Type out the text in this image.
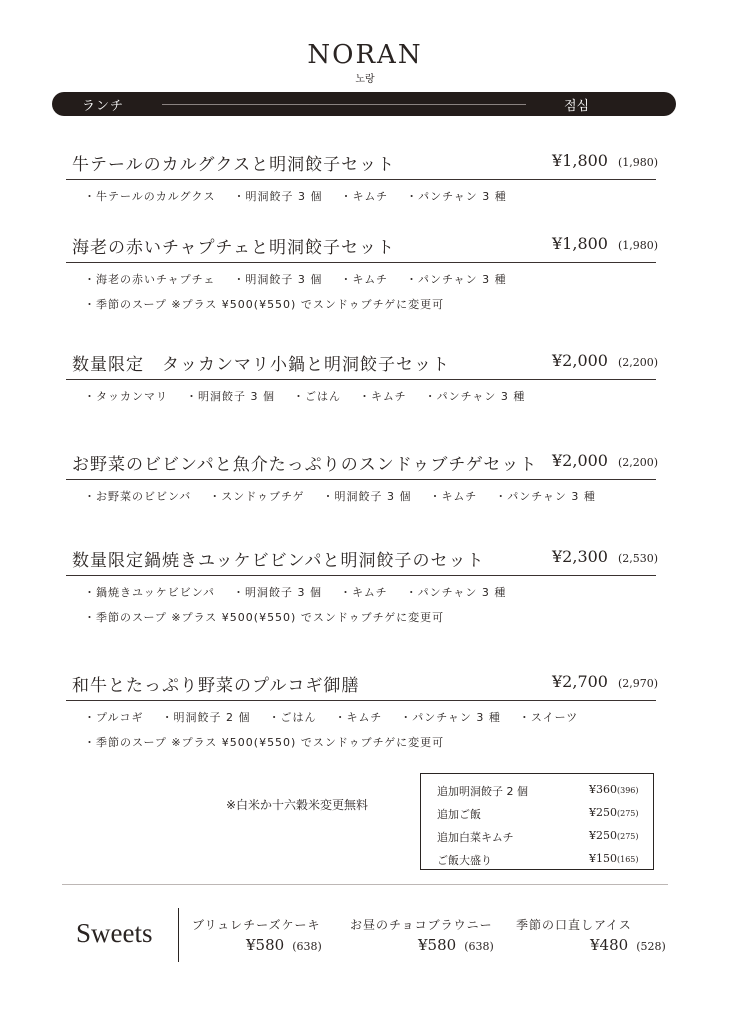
NORAN
노랑
ランチ	점심
牛テールのカルグクスと明洞餃子セット	¥1,800 (1,980)
・牛テールのカルグクス ・明洞餃子 3 個 ・キムチ ・パンチャン 3 種
海老の赤いチャプチェと明洞餃子セット	¥1,800 (1,980)
・海老の赤いチャプチェ ・明洞餃子 3 個 ・キムチ ・パンチャン 3 種
・季節のスープ ※プラス ¥500(¥550) でスンドゥブチゲに変更可
数量限定　タッカンマリ小鍋と明洞餃子セット	¥2,000 (2,200)
・タッカンマリ ・明洞餃子 3 個 ・ごはん ・キムチ ・パンチャン 3 種
お野菜のビビンパと魚介たっぷりのスンドゥブチゲセット ¥2,000 (2,200)
・お野菜のビビンバ ・スンドゥブチゲ ・明洞餃子 3 個 ・キムチ ・パンチャン 3 種
数量限定鍋焼きユッケビビンパと明洞餃子のセット	¥2,300 (2,530)
・鍋焼きユッケビビンパ ・明洞餃子 3 個 ・キムチ ・パンチャン 3 種
・季節のスープ ※プラス ¥500(¥550) でスンドゥブチゲに変更可
和牛とたっぷり野菜のプルコギ御膳	¥2,700 (2,970)
・プルコギ ・明洞餃子 2 個 ・ごはん ・キムチ ・パンチャン 3 種 ・スイーツ
・季節のスープ ※プラス ¥500(¥550) でスンドゥブチゲに変更可
※白米か十六穀米変更無料
追加明洞餃子 2 個	¥360(396)
追加ご飯	¥250(275)
追加白菜キムチ	¥250(275)
ご飯大盛り	¥150(165)
Sweets	ブリュレチーズケーキ
¥580 (638)
お昼のチョコブラウニー
¥580 (638)
季節の口直しアイス
¥480 (528)
